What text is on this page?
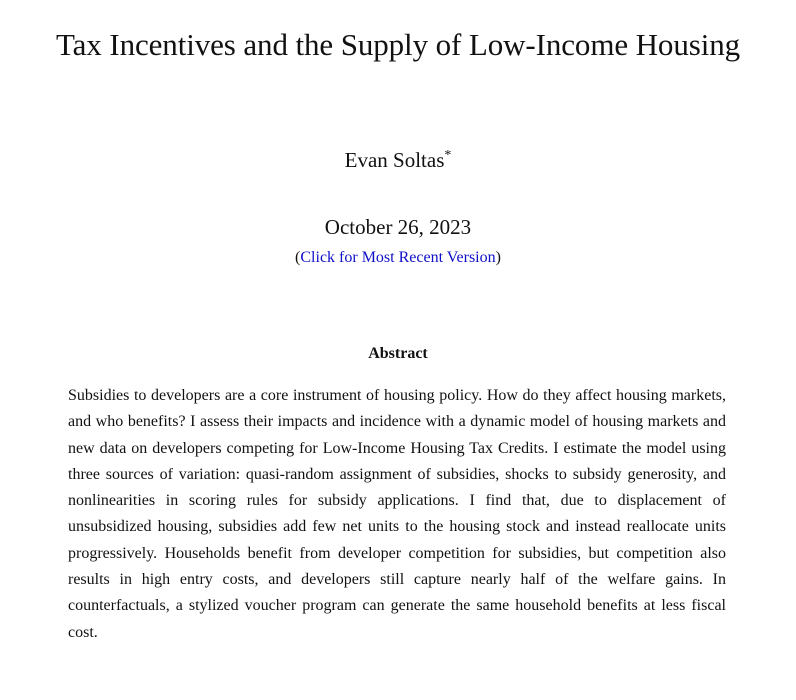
Tax Incentives and the Supply of Low-Income Housing
Evan Soltas*
October 26, 2023
(Click for Most Recent Version)
Abstract
Subsidies to developers are a core instrument of housing policy. How do they affect housing markets, and who benefits? I assess their impacts and incidence with a dynamic model of housing markets and new data on developers competing for Low-Income Housing Tax Credits. I estimate the model using three sources of variation: quasi-random assignment of subsidies, shocks to subsidy generosity, and nonlinearities in scoring rules for subsidy applications. I find that, due to displacement of unsubsidized housing, subsidies add few net units to the housing stock and instead reallocate units progressively. Households benefit from developer competition for subsidies, but competition also results in high entry costs, and developers still capture nearly half of the welfare gains. In counterfactuals, a stylized voucher program can generate the same household benefits at less fiscal cost.
